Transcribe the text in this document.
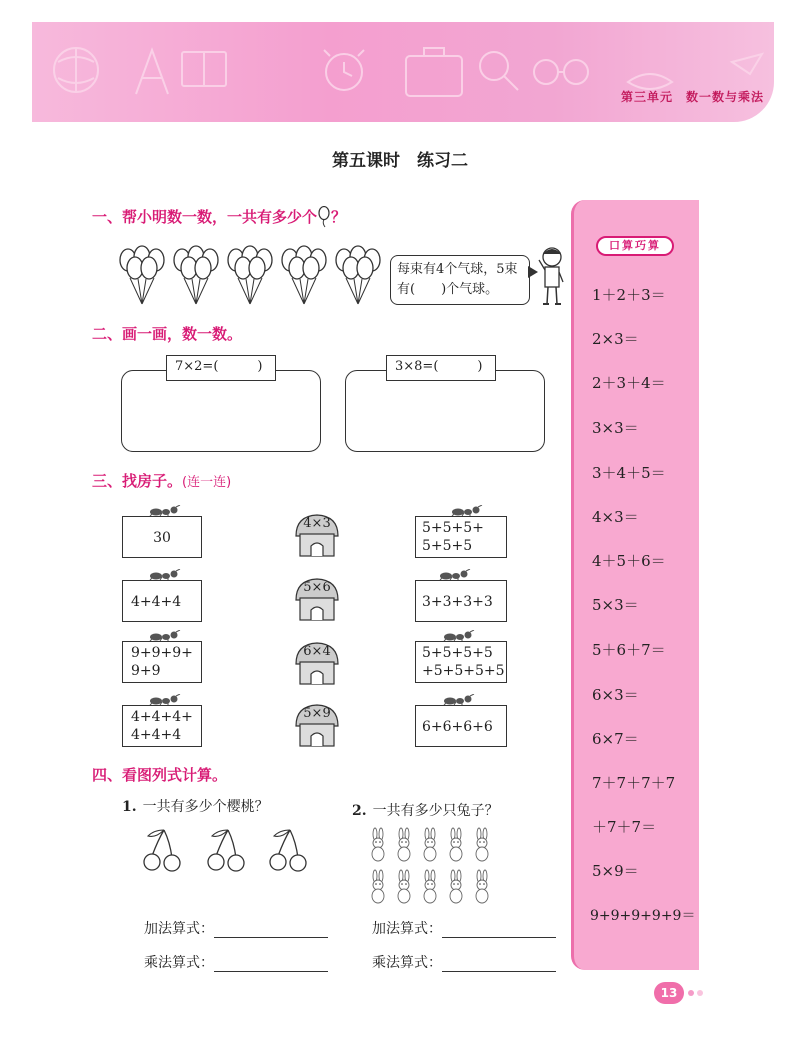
第三单元　数一数与乘法
第五课时　练习二
一、帮小明数一数，一共有多少个 ？
每束有4个气球，5束
有(　　)个气球。
二、画一画，数一数。
7×2=(　　　)	3×8=(　　　)
三、找房子。(连一连)
30
4+4+4
9+9+9+
9+9
4+4+4+
4+4+4
4×3
5×6
6×4
5×9
5+5+5+
5+5+5
3+3+3+3
5+5+5+5
+5+5+5+5
6+6+6+6
四、看图列式计算。
1. 一共有多少个樱桃？	2. 一共有多少只兔子？
加法算式：
乘法算式：
加法算式：
乘法算式：
口算巧算
1＋2＋3＝
2×3＝
2＋3＋4＝
3×3＝
3＋4＋5＝
4×3＝
4＋5＋6＝
5×3＝
5＋6＋7＝
6×3＝
6×7＝
7＋7＋7＋7
＋7＋7＝
5×9＝
9+9+9+9+9＝
13
